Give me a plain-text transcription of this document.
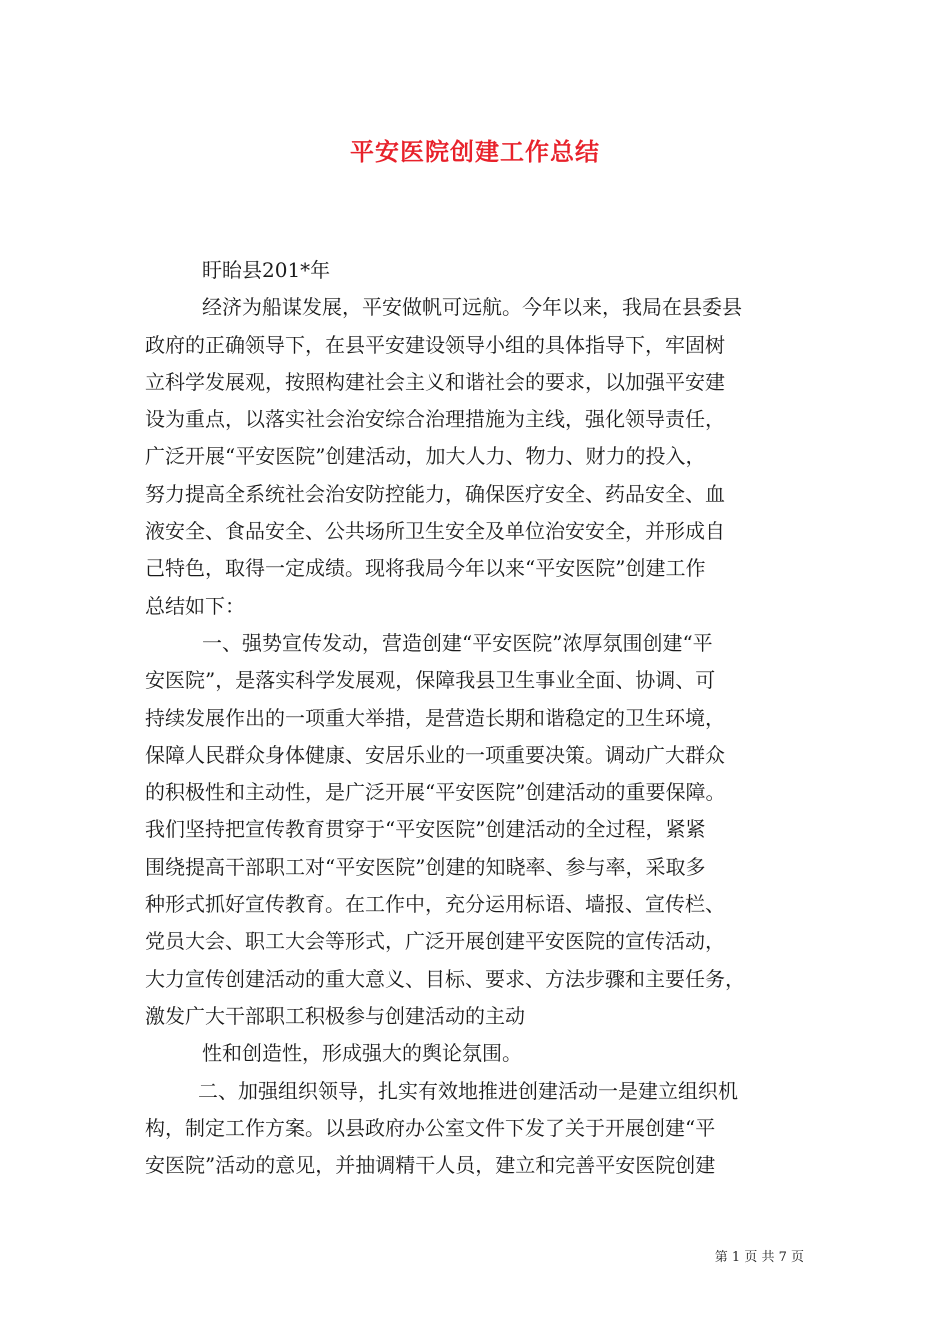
平安医院创建工作总结
盱眙县201*年
经济为船谋发展，平安做帆可远航。今年以来，我局在县委县
政府的正确领导下，在县平安建设领导小组的具体指导下，牢固树
立科学发展观，按照构建社会主义和谐社会的要求，以加强平安建
设为重点，以落实社会治安综合治理措施为主线，强化领导责任，
广泛开展“平安医院”创建活动，加大人力、物力、财力的投入，
努力提高全系统社会治安防控能力，确保医疗安全、药品安全、血
液安全、食品安全、公共场所卫生安全及单位治安安全，并形成自
己特色，取得一定成绩。现将我局今年以来“平安医院”创建工作
总结如下：
一、强势宣传发动，营造创建“平安医院”浓厚氛围创建“平
安医院”，是落实科学发展观，保障我县卫生事业全面、协调、可
持续发展作出的一项重大举措，是营造长期和谐稳定的卫生环境，
保障人民群众身体健康、安居乐业的一项重要决策。调动广大群众
的积极性和主动性，是广泛开展“平安医院”创建活动的重要保障。
我们坚持把宣传教育贯穿于“平安医院”创建活动的全过程，紧紧
围绕提高干部职工对“平安医院”创建的知晓率、参与率，采取多
种形式抓好宣传教育。在工作中，充分运用标语、墙报、宣传栏、
党员大会、职工大会等形式，广泛开展创建平安医院的宣传活动，
大力宣传创建活动的重大意义、目标、要求、方法步骤和主要任务，
激发广大干部职工积极参与创建活动的主动
性和创造性，形成强大的舆论氛围。
二、加强组织领导，扎实有效地推进创建活动一是建立组织机
构，制定工作方案。以县政府办公室文件下发了关于开展创建“平
安医院”活动的意见，并抽调精干人员，建立和完善平安医院创建
第 1 页 共 7 页
